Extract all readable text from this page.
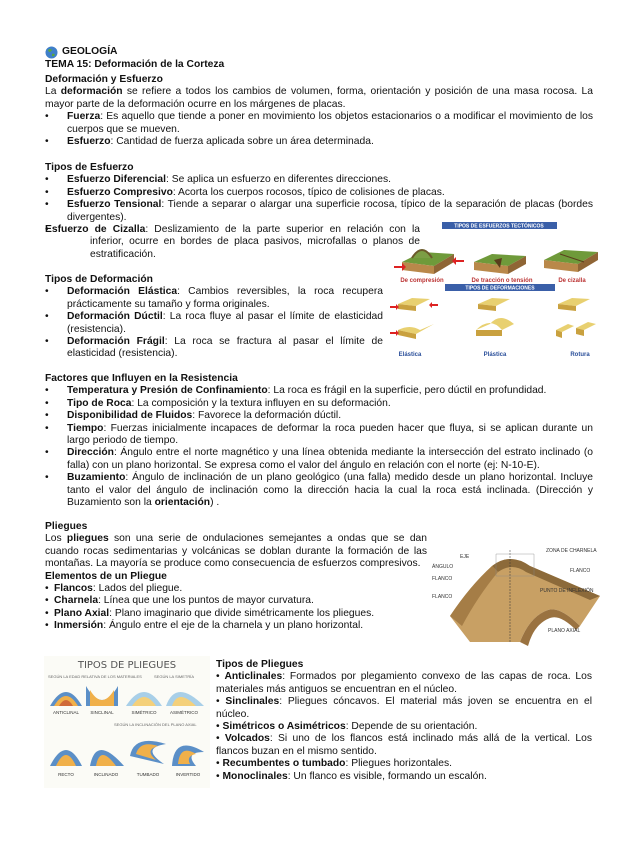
GEOLOGÍA
TEMA 15: Deformación de la Corteza
Deformación y Esfuerzo
La deformación se refiere a todos los cambios de volumen, forma, orientación y posición de una masa rocosa. La mayor parte de la deformación ocurre en los márgenes de placas.
• Fuerza: Es aquello que tiende a poner en movimiento los objetos estacionarios o a modificar el movimiento de los cuerpos que se mueven.
• Esfuerzo: Cantidad de fuerza aplicada sobre un área determinada.
Tipos de Esfuerzo
• Esfuerzo Diferencial: Se aplica un esfuerzo en diferentes direcciones.
• Esfuerzo Compresivo: Acorta los cuerpos rocosos, típico de colisiones de placas.
• Esfuerzo Tensional: Tiende a separar o alargar una superficie rocosa, típico de la separación de placas (bordes divergentes).
• Esfuerzo de Cizalla: Deslizamiento de la parte superior en relación con la inferior, ocurre en bordes de placa pasivos, microfallas o planos de estratificación.
TIPOS DE ESFUERZOS TECTÓNICOS
De compresión	De tracción o tensión	De cizalla
Tipos de Deformación
• Deformación Elástica: Cambios reversibles, la roca recupera prácticamente su tamaño y forma originales.
• Deformación Dúctil: La roca fluye al pasar el límite de elasticidad (resistencia).
• Deformación Frágil: La roca se fractura al pasar el límite de elasticidad (resistencia).
TIPOS DE DEFORMACIONES
Elástica	Plástica	Rotura
Factores que Influyen en la Resistencia
• Temperatura y Presión de Confinamiento: La roca es frágil en la superficie, pero dúctil en profundidad.
• Tipo de Roca: La composición y la textura influyen en su deformación.
• Disponibilidad de Fluidos: Favorece la deformación dúctil.
• Tiempo: Fuerzas inicialmente incapaces de deformar la roca pueden hacer que fluya, si se aplican durante un largo periodo de tiempo.
• Dirección: Ángulo entre el norte magnético y una línea obtenida mediante la intersección del estrato inclinado (o falla) con un plano horizontal. Se expresa como el valor del ángulo en relación con el norte (ej: N-10-E).
• Buzamiento: Ángulo de inclinación de un plano geológico (una falla) medido desde un plano horizontal. Incluye tanto el valor del ángulo de inclinación como la dirección hacia la cual la roca está inclinada. (Dirección y Buzamiento son la orientación) .
Pliegues
Los pliegues son una serie de ondulaciones semejantes a ondas que se dan cuando rocas sedimentarias y volcánicas se doblan durante la formación de las montañas. La mayoría se produce como consecuencia de esfuerzos compresivos.
Elementos de un Pliegue
• Flancos: Lados del pliegue.
• Charnela: Línea que une los puntos de mayor curvatura.
• Plano Axial: Plano imaginario que divide simétricamente los pliegues.
• Inmersión: Ángulo entre el eje de la charnela y un plano horizontal.
ZONA DE CHARNELA
ÁNGULO
FLANCO
FLANCO
EJE
PUNTO DE INFLEXIÓN
PLANO AXIAL
FLANCO
TIPOS DE PLIEGUES
SEGÚN LA EDAD RELATIVA DE LOS MATERIALES	SEGÚN LA SIMETRÍA
ANTICLINAL	SINCLINAL	SIMÉTRICO	ASIMÉTRICO
SEGÚN LA INCLINACIÓN DEL PLANO AXIAL
RECTO	INCLINADO	TUMBADO	INVERTIDO
Tipos de Pliegues
• Anticlinales: Formados por plegamiento convexo de las capas de roca. Los materiales más antiguos se encuentran en el núcleo.
• Sinclinales: Pliegues cóncavos. El material más joven se encuentra en el núcleo.
• Simétricos o Asimétricos: Depende de su orientación.
• Volcados: Si uno de los flancos está inclinado más allá de la vertical. Los flancos buzan en el mismo sentido.
• Recumbentes o tumbado: Pliegues horizontales.
• Monoclinales: Un flanco es visible, formando un escalón.
